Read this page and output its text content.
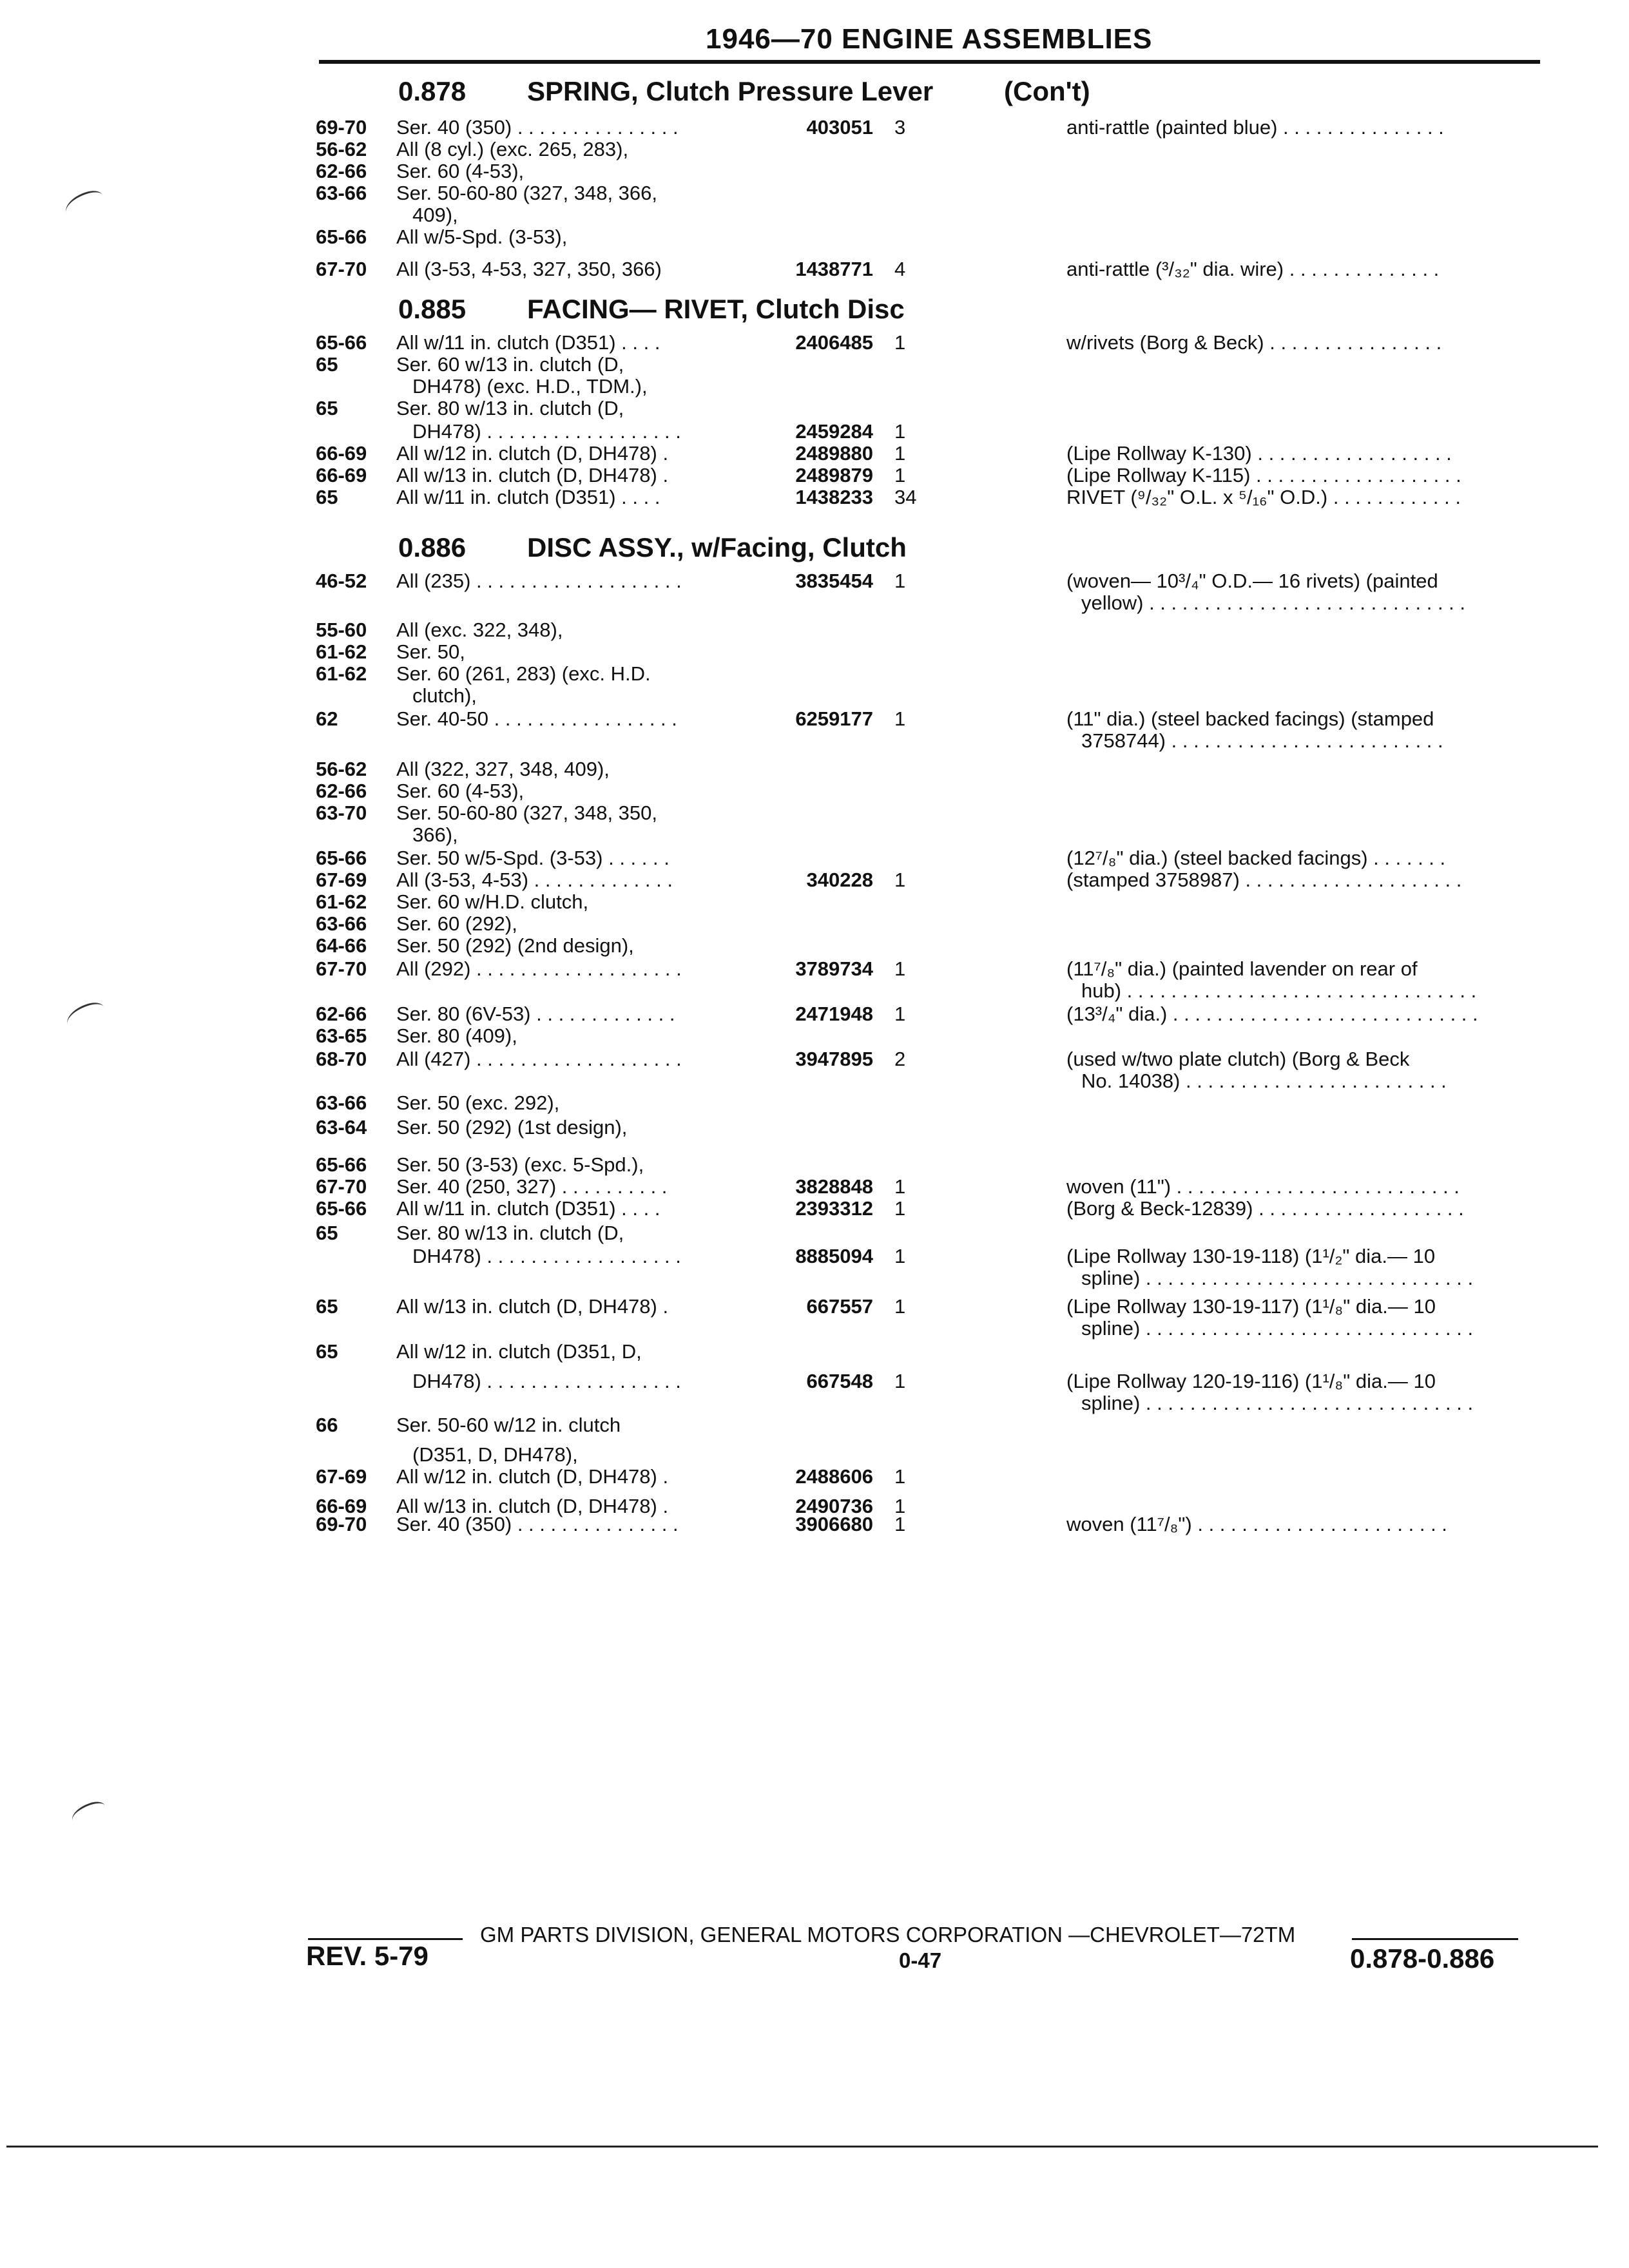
1946—70 ENGINE ASSEMBLIES
0.878 SPRING, Clutch Pressure Lever	(Con't)
0.885 FACING— RIVET, Clutch Disc
0.886 DISC ASSY., w/Facing, Clutch
69-70 Ser. 40 (350) . . . . . . . . . . . . . . .	403051 3	anti-rattle (painted blue) . . . . . . . . . . . . . . .
56-62 All (8 cyl.) (exc. 265, 283),
62-66 Ser. 60 (4-53),
63-66 Ser. 50-60-80 (327, 348, 366,
409),
65-66 All w/5-Spd. (3-53),
67-70 All (3-53, 4-53, 327, 350, 366)	1438771 4	anti-rattle (³/₃₂" dia. wire) . . . . . . . . . . . . . .
65-66 All w/11 in. clutch (D351) . . . .	2406485 1	w/rivets (Borg & Beck) . . . . . . . . . . . . . . . .
65	Ser. 60 w/13 in. clutch (D,
DH478) (exc. H.D., TDM.),
65	Ser. 80 w/13 in. clutch (D,
DH478) . . . . . . . . . . . . . . . . . .	2459284 1
66-69 All w/12 in. clutch (D, DH478) .	2489880 1	(Lipe Rollway K-130) . . . . . . . . . . . . . . . . . .
66-69 All w/13 in. clutch (D, DH478) .	2489879 1	(Lipe Rollway K-115) . . . . . . . . . . . . . . . . . . .
65	All w/11 in. clutch (D351) . . . .	1438233 34	RIVET (⁹/₃₂" O.L. x ⁵/₁₆" O.D.) . . . . . . . . . . . .
46-52 All (235) . . . . . . . . . . . . . . . . . . .	3835454 1	(woven— 10³/₄" O.D.— 16 rivets) (painted
yellow) . . . . . . . . . . . . . . . . . . . . . . . . . . . . .
55-60 All (exc. 322, 348),
61-62 Ser. 50,
61-62 Ser. 60 (261, 283) (exc. H.D.
clutch),
62	Ser. 40-50 . . . . . . . . . . . . . . . . .	6259177 1	(11" dia.) (steel backed facings) (stamped
3758744) . . . . . . . . . . . . . . . . . . . . . . . . .
56-62 All (322, 327, 348, 409),
62-66 Ser. 60 (4-53),
63-70 Ser. 50-60-80 (327, 348, 350,
366),
65-66 Ser. 50 w/5-Spd. (3-53) . . . . . .	(12⁷/₈" dia.) (steel backed facings) . . . . . . .
67-69 All (3-53, 4-53) . . . . . . . . . . . . .	340228 1	(stamped 3758987) . . . . . . . . . . . . . . . . . . . .
61-62 Ser. 60 w/H.D. clutch,
63-66 Ser. 60 (292),
64-66 Ser. 50 (292) (2nd design),
67-70 All (292) . . . . . . . . . . . . . . . . . . .	3789734 1	(11⁷/₈" dia.) (painted lavender on rear of
hub) . . . . . . . . . . . . . . . . . . . . . . . . . . . . . . . .
62-66 Ser. 80 (6V-53) . . . . . . . . . . . . .	2471948 1	(13³/₄" dia.) . . . . . . . . . . . . . . . . . . . . . . . . . . . .
63-65 Ser. 80 (409),
68-70 All (427) . . . . . . . . . . . . . . . . . . .	3947895 2	(used w/two plate clutch) (Borg & Beck
No. 14038) . . . . . . . . . . . . . . . . . . . . . . . .
63-66 Ser. 50 (exc. 292),
63-64 Ser. 50 (292) (1st design),
65-66 Ser. 50 (3-53) (exc. 5-Spd.),
67-70 Ser. 40 (250, 327) . . . . . . . . . .	3828848 1	woven (11") . . . . . . . . . . . . . . . . . . . . . . . . . .
65-66 All w/11 in. clutch (D351) . . . .	2393312 1	(Borg & Beck-12839) . . . . . . . . . . . . . . . . . . .
65	Ser. 80 w/13 in. clutch (D,
DH478) . . . . . . . . . . . . . . . . . .	8885094 1	(Lipe Rollway 130-19-118) (1¹/₂" dia.— 10
spline) . . . . . . . . . . . . . . . . . . . . . . . . . . . . . .
65	All w/13 in. clutch (D, DH478) .	667557 1	(Lipe Rollway 130-19-117) (1¹/₈" dia.— 10
spline) . . . . . . . . . . . . . . . . . . . . . . . . . . . . . .
65	All w/12 in. clutch (D351, D,
DH478) . . . . . . . . . . . . . . . . . .	667548 1	(Lipe Rollway 120-19-116) (1¹/₈" dia.— 10
spline) . . . . . . . . . . . . . . . . . . . . . . . . . . . . . .
66	Ser. 50-60 w/12 in. clutch
(D351, D, DH478),
67-69 All w/12 in. clutch (D, DH478) .	2488606 1
66-69 All w/13 in. clutch (D, DH478) .	2490736 1
69-70 Ser. 40 (350) . . . . . . . . . . . . . . .	3906680 1	woven (11⁷/₈") . . . . . . . . . . . . . . . . . . . . . . .
GM PARTS DIVISION, GENERAL MOTORS CORPORATION —CHEVROLET—72TM
REV. 5-79	0-47	0.878-0.886
